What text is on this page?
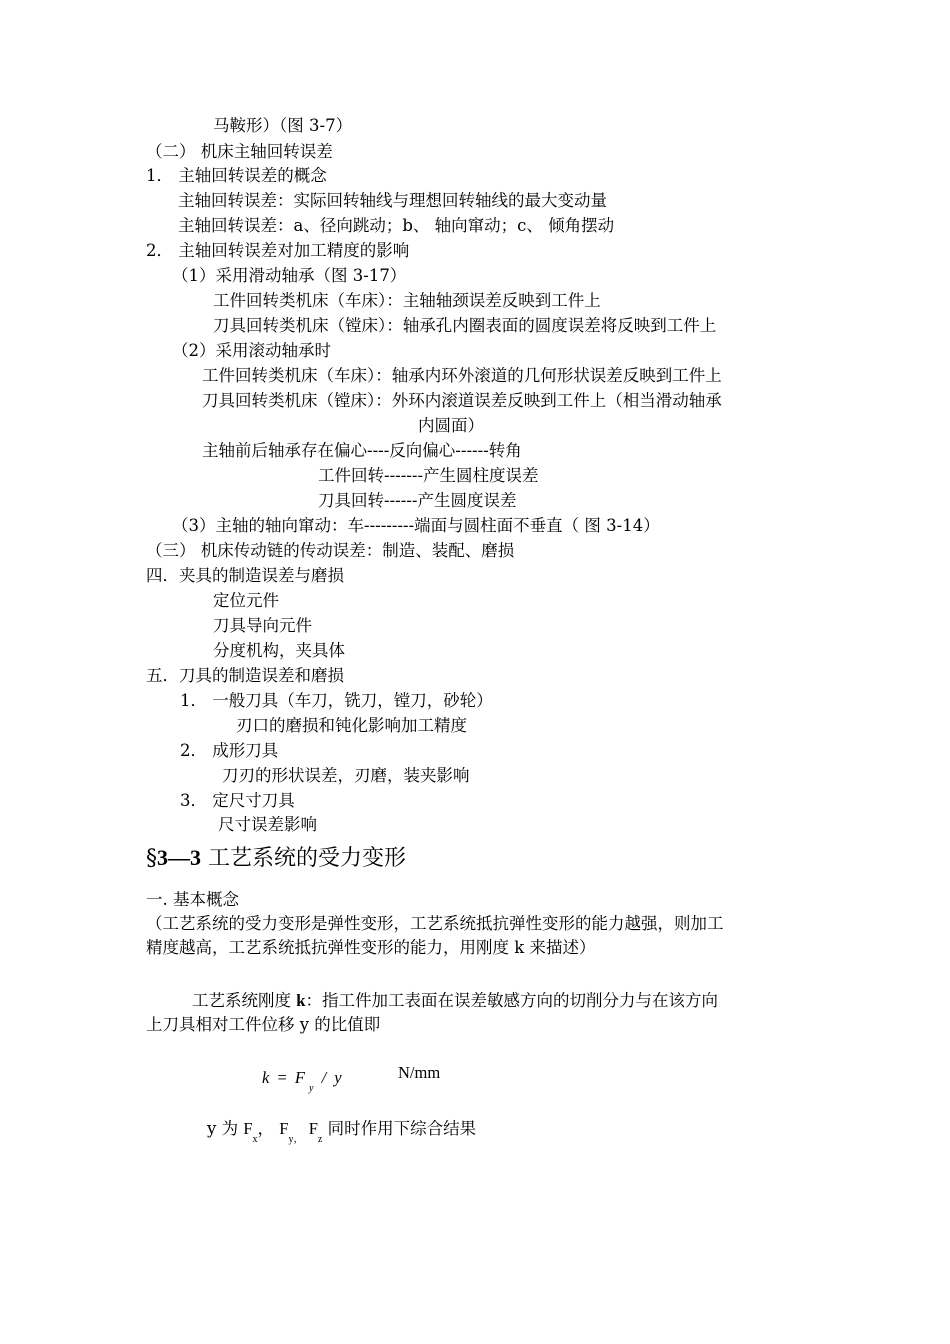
马鞍形）（图 3-7）
（二） 机床主轴回转误差
1． 主轴回转误差的概念
主轴回转误差：实际回转轴线与理想回转轴线的最大变动量
主轴回转误差：a、径向跳动；b、 轴向窜动；c、 倾角摆动
2． 主轴回转误差对加工精度的影响
（1）采用滑动轴承（图 3-17）
工件回转类机床（车床）：主轴轴颈误差反映到工件上
刀具回转类机床（镗床）：轴承孔内圈表面的圆度误差将反映到工件上
（2）采用滚动轴承时
工件回转类机床（车床）：轴承内环外滚道的几何形状误差反映到工件上
刀具回转类机床（镗床）：外环内滚道误差反映到工件上（相当滑动轴承
内圆面）
主轴前后轴承存在偏心----反向偏心------转角
工件回转-------产生圆柱度误差
刀具回转------产生圆度误差
（3）主轴的轴向窜动：车---------端面与圆柱面不垂直（ 图 3-14）
（三） 机床传动链的传动误差：制造、装配、磨损
四．夹具的制造误差与磨损
定位元件
刀具导向元件
分度机构，夹具体
五．刀具的制造误差和磨损
1． 一般刀具（车刀，铣刀，镗刀，砂轮）
刃口的磨损和钝化影响加工精度
2． 成形刀具
刀刃的形状误差，刃磨，装夹影响
3． 定尺寸刀具
尺寸误差影响
§3—3 工艺系统的受力变形
一. 基本概念
（工艺系统的受力变形是弹性变形，工艺系统抵抗弹性变形的能力越强，则加工
精度越高，工艺系统抵抗弹性变形的能力，用刚度 k 来描述）
工艺系统刚度 k：指工件加工表面在误差敏感方向的切削分力与在该方向
上刀具相对工件位移 y 的比值即
$k = F_y / y$	N/mm
y 为 $F_x$， $F_{y,}$ $F_z$ 同时作用下综合结果
